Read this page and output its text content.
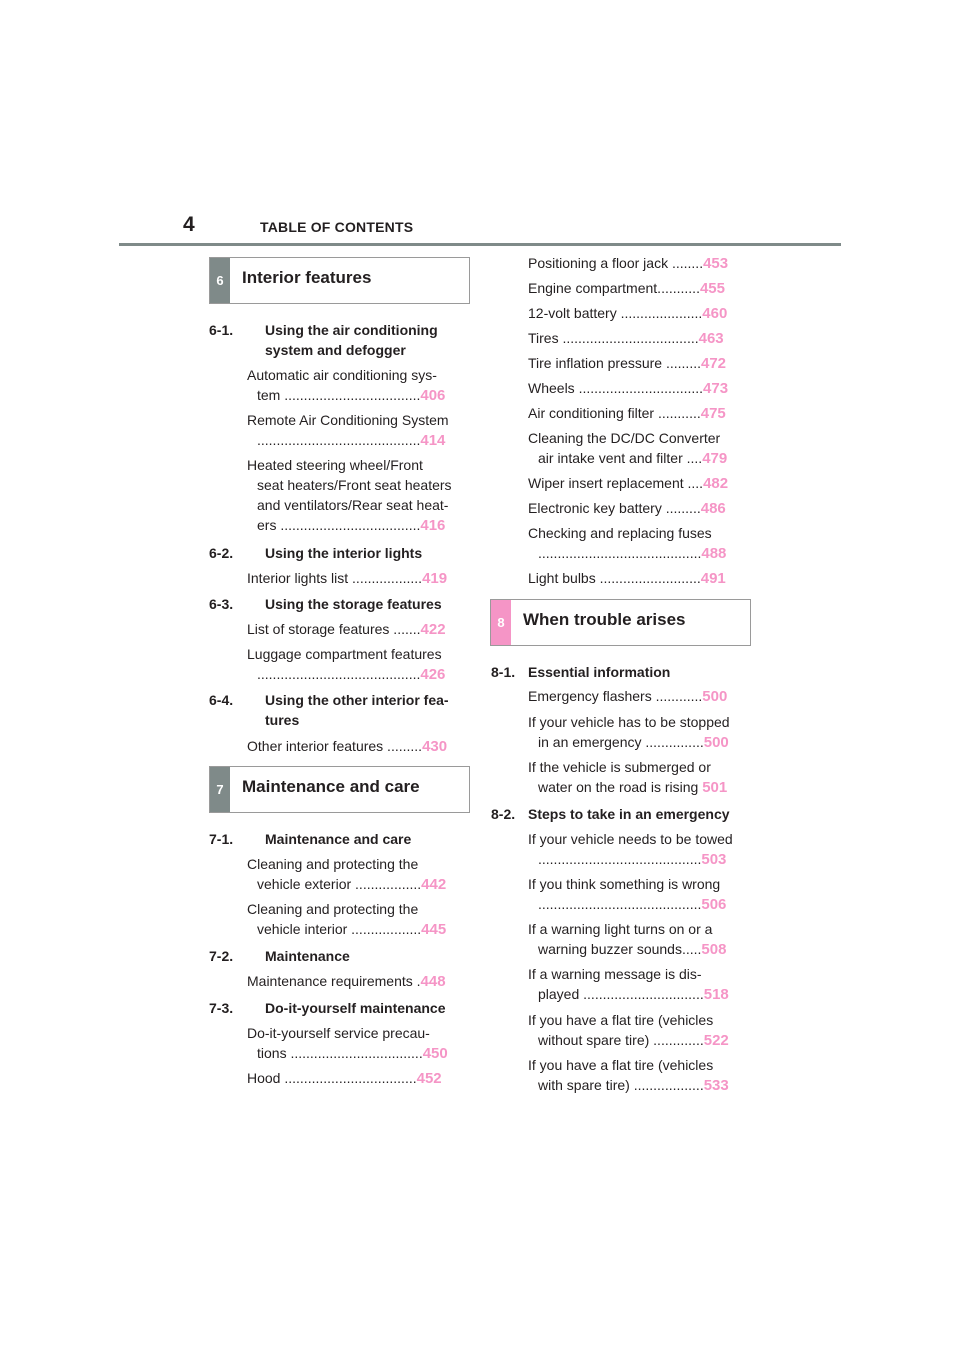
4	TABLE OF CONTENTS
6	Interior features
6-1. Using the air conditioning
system and defogger
Automatic air conditioning sys-
tem ...................................406
Remote Air Conditioning System
..........................................414
Heated steering wheel/Front
seat heaters/Front seat heaters
and ventilators/Rear seat heat-
ers ....................................416
6-2. Using the interior lights
Interior lights list ..................419
6-3. Using the storage features
List of storage features .......422
Luggage compartment features
..........................................426
6-4. Using the other interior fea-
tures
Other interior features .........430
7	Maintenance and care
7-1. Maintenance and care
Cleaning and protecting the
vehicle exterior .................442
Cleaning and protecting the
vehicle interior ..................445
7-2. Maintenance
Maintenance requirements .448
7-3. Do-it-yourself maintenance
Do-it-yourself service precau-
tions ..................................450
Hood ..................................452
Positioning a floor jack ........453
Engine compartment...........455
12-volt battery .....................460
Tires ...................................463
Tire inflation pressure .........472
Wheels ................................473
Air conditioning filter ...........475
Cleaning the DC/DC Converter
air intake vent and filter ....479
Wiper insert replacement ....482
Electronic key battery .........486
Checking and replacing fuses
..........................................488
Light bulbs ..........................491
8	When trouble arises
8-1. Essential information
Emergency flashers ............500
If your vehicle has to be stopped
in an emergency ...............500
If the vehicle is submerged or
water on the road is rising 501
8-2. Steps to take in an emergency
If your vehicle needs to be towed
..........................................503
If you think something is wrong
..........................................506
If a warning light turns on or a
warning buzzer sounds.....508
If a warning message is dis-
played ...............................518
If you have a flat tire (vehicles
without spare tire) .............522
If you have a flat tire (vehicles
with spare tire) ..................533
